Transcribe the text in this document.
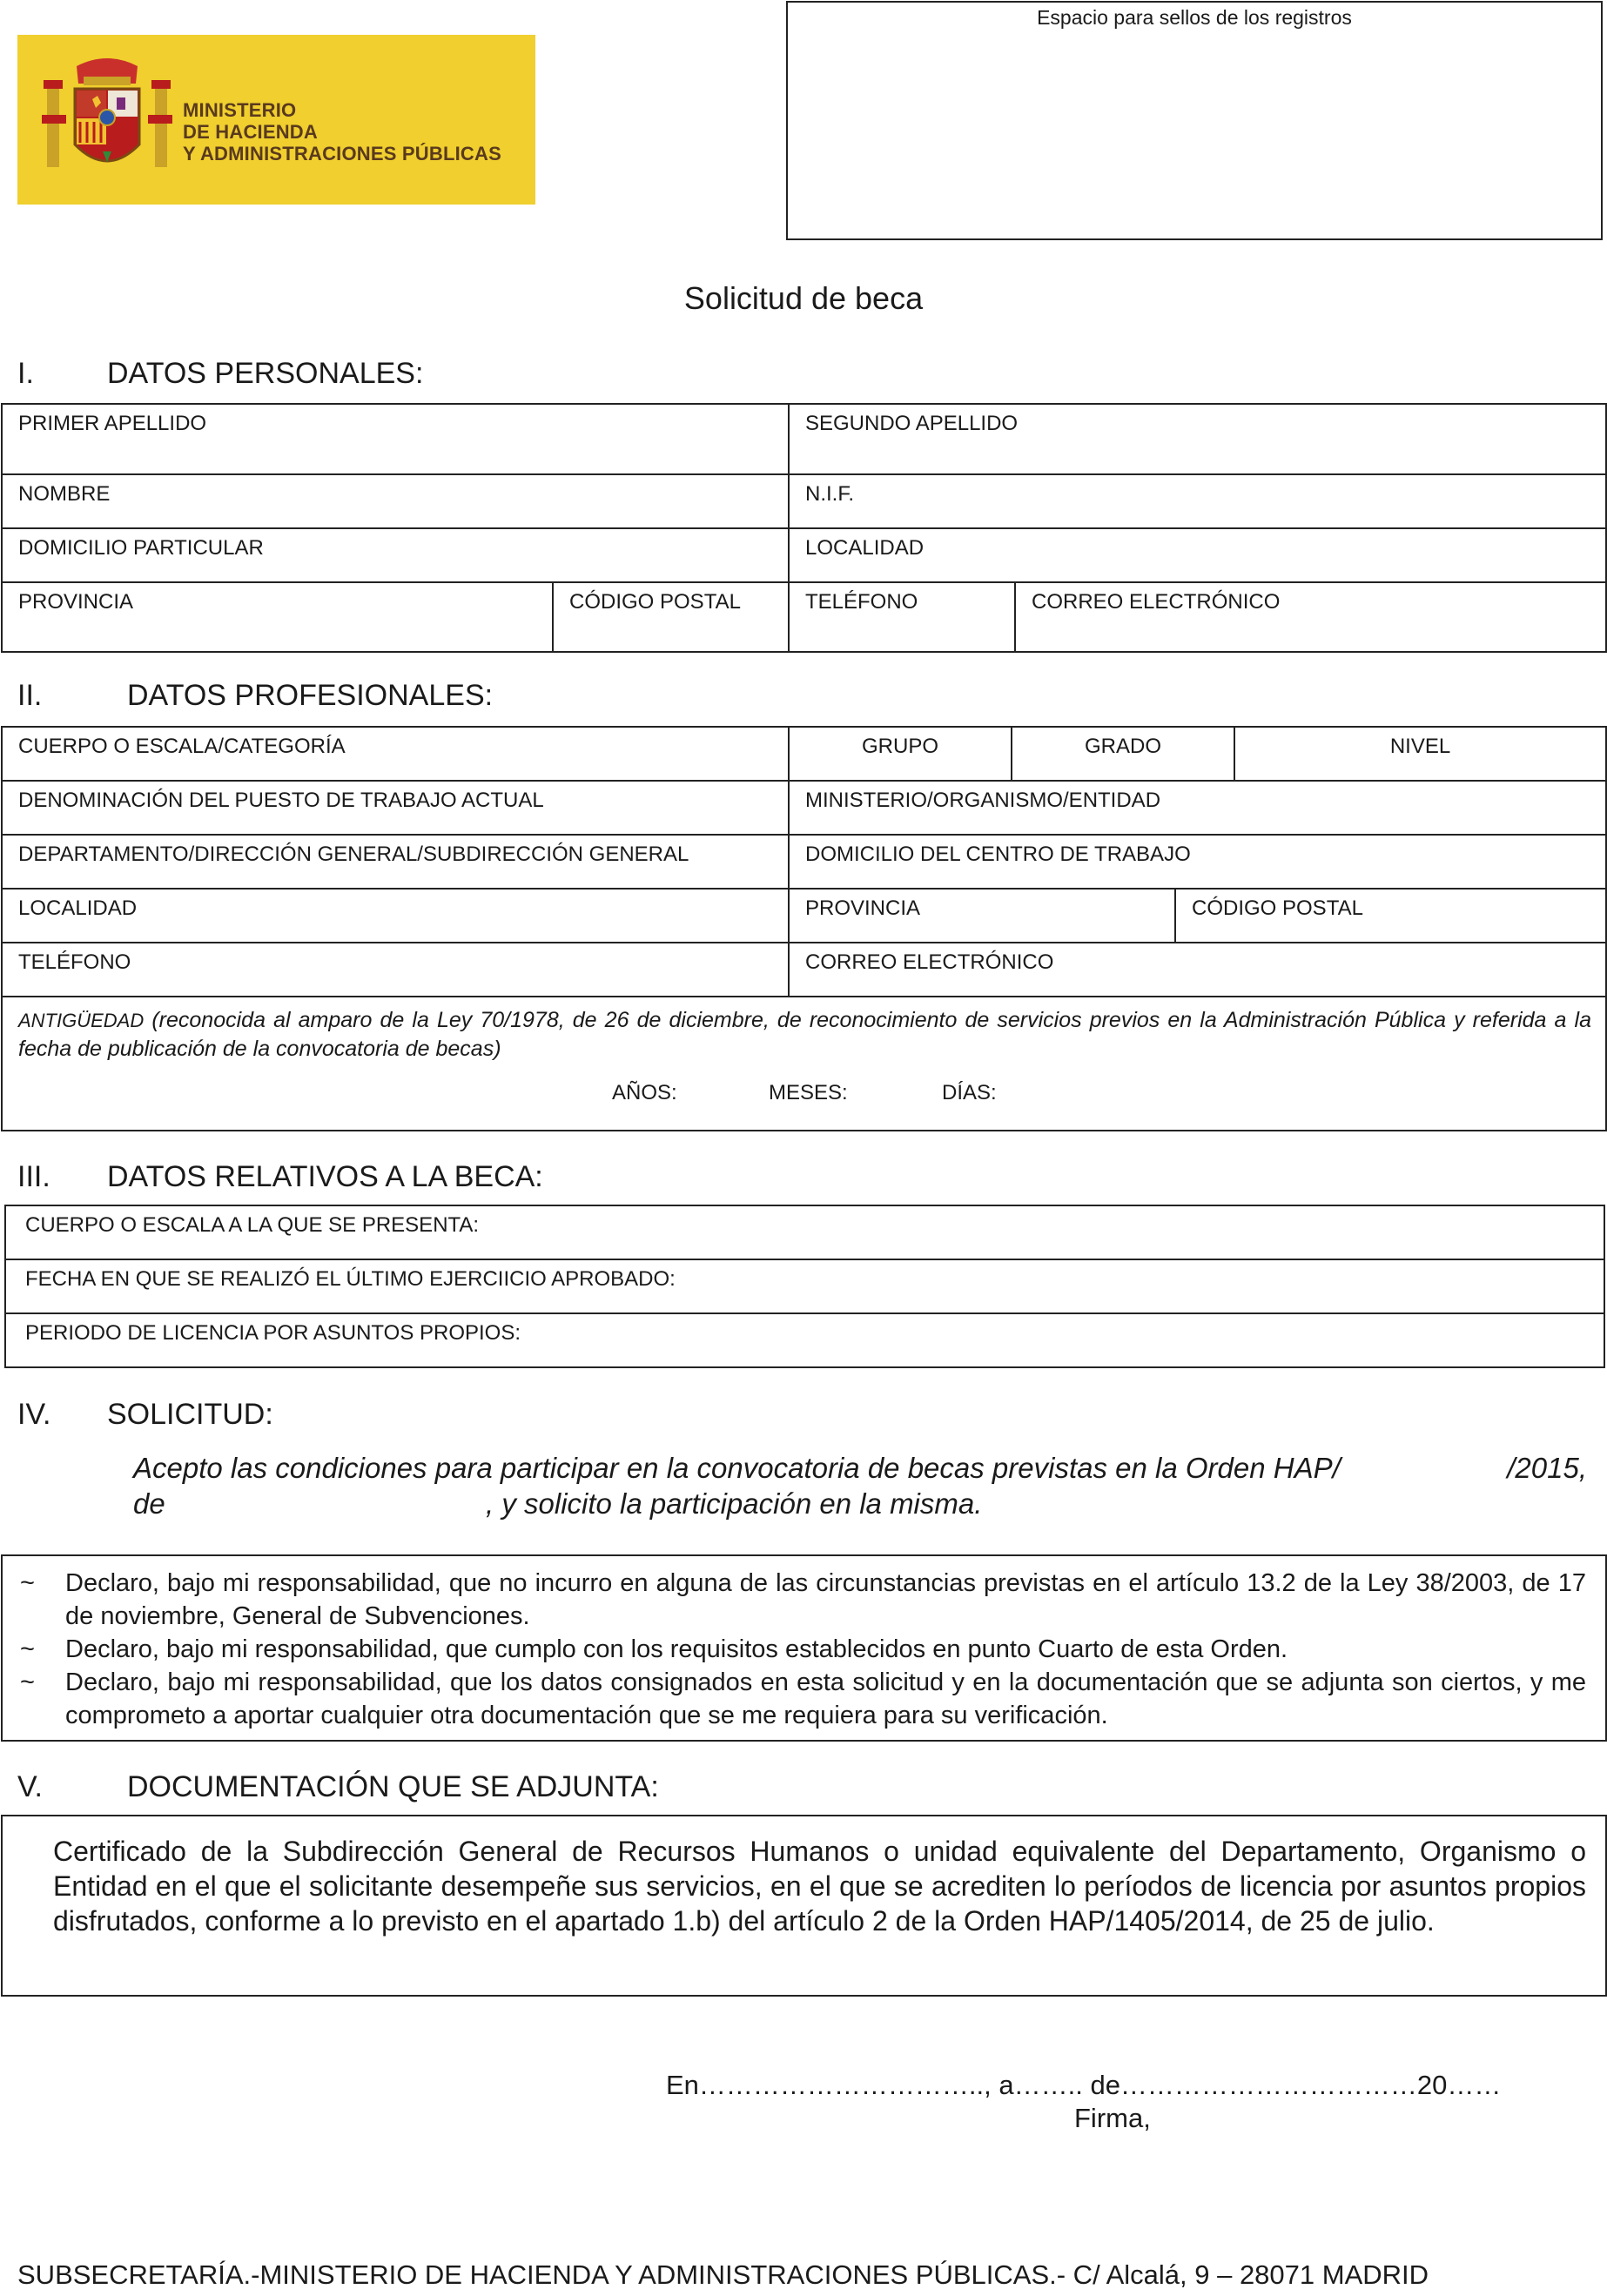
MINISTERIO
DE HACIENDA
Y ADMINISTRACIONES PÚBLICAS
Espacio para sellos de los registros
Solicitud de beca
I. DATOS PERSONALES:
PRIMER APELLIDO	SEGUNDO APELLIDO
NOMBRE	N.I.F.
DOMICILIO PARTICULAR	LOCALIDAD
PROVINCIA	CÓDIGO POSTAL	TELÉFONO	CORREO ELECTRÓNICO
II.	DATOS PROFESIONALES:
CUERPO O ESCALA/CATEGORÍA	GRUPO	GRADO	NIVEL
DENOMINACIÓN DEL PUESTO DE TRABAJO ACTUAL	MINISTERIO/ORGANISMO/ENTIDAD
DEPARTAMENTO/DIRECCIÓN GENERAL/SUBDIRECCIÓN GENERAL	DOMICILIO DEL CENTRO DE TRABAJO
LOCALIDAD	PROVINCIA	CÓDIGO POSTAL
TELÉFONO	CORREO ELECTRÓNICO
ANTIGÜEDAD (reconocida al amparo de la Ley 70/1978, de 26 de diciembre, de reconocimiento de servicios previos en la Administración Pública y referida a la fecha de publicación de la convocatoria de becas)
AÑOS:	MESES:	DÍAS:
III. DATOS RELATIVOS A LA BECA:
CUERPO O ESCALA A LA QUE SE PRESENTA:
FECHA EN QUE SE REALIZÓ EL ÚLTIMO EJERCIICIO APROBADO:
PERIODO DE LICENCIA POR ASUNTOS PROPIOS:
IV. SOLICITUD:
Acepto las condiciones para participar en la convocatoria de becas previstas en la Orden HAP/	/2015,
de	, y solicito la participación en la misma.
~ Declaro, bajo mi responsabilidad, que no incurro en alguna de las circunstancias previstas en el artículo 13.2 de la Ley 38/2003, de 17 de noviembre, General de Subvenciones.
~ Declaro, bajo mi responsabilidad, que cumplo con los requisitos establecidos en punto Cuarto de esta Orden.
~ Declaro, bajo mi responsabilidad, que los datos consignados en esta solicitud y en la documentación que se adjunta son ciertos, y me comprometo a aportar cualquier otra documentación que se me requiera para su verificación.
V.	DOCUMENTACIÓN QUE SE ADJUNTA:
Certificado de la Subdirección General de Recursos Humanos o unidad equivalente del Departamento, Organismo o Entidad en el que el solicitante desempeñe sus servicios, en el que se acrediten lo períodos de licencia por asuntos propios disfrutados, conforme a lo previsto en el apartado 1.b) del artículo 2 de la Orden HAP/1405/2014, de 25 de julio.
En………………………….., a…….. de……………………………20……
Firma,
SUBSECRETARÍA.-MINISTERIO DE HACIENDA Y ADMINISTRACIONES PÚBLICAS.- C/ Alcalá, 9 – 28071 MADRID
